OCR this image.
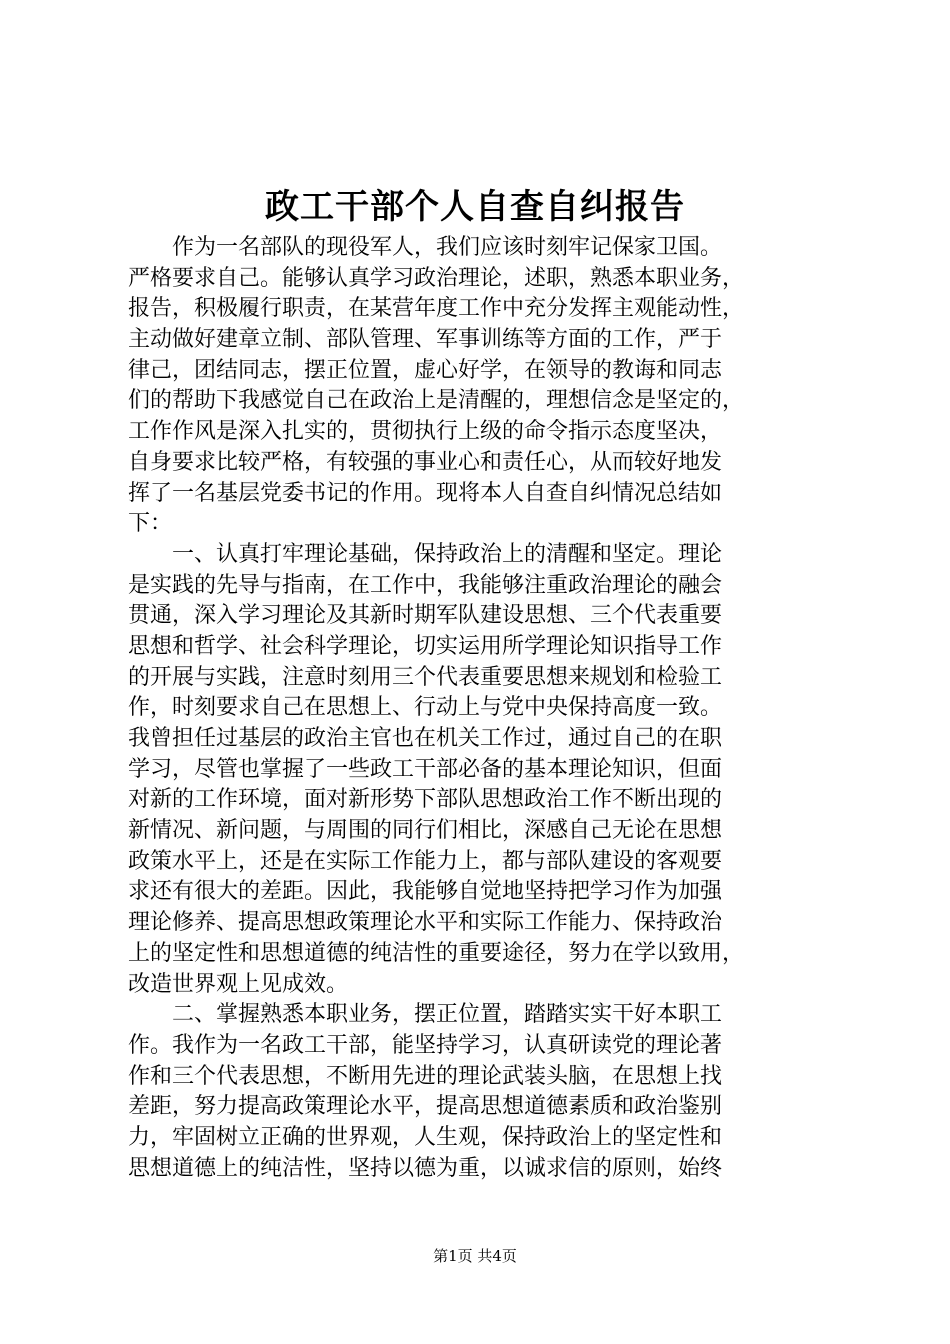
政工干部个人自查自纠报告
　　作为一名部队的现役军人，我们应该时刻牢记保家卫国。
严格要求自己。能够认真学习政治理论，述职，熟悉本职业务，
报告，积极履行职责，在某营年度工作中充分发挥主观能动性，
主动做好建章立制、部队管理、军事训练等方面的工作，严于
律己，团结同志，摆正位置，虚心好学，在领导的教诲和同志
们的帮助下我感觉自己在政治上是清醒的，理想信念是坚定的，
工作作风是深入扎实的，贯彻执行上级的命令指示态度坚决，
自身要求比较严格，有较强的事业心和责任心，从而较好地发
挥了一名基层党委书记的作用。现将本人自查自纠情况总结如
下：
　　一、认真打牢理论基础，保持政治上的清醒和坚定。理论
是实践的先导与指南，在工作中，我能够注重政治理论的融会
贯通，深入学习理论及其新时期军队建设思想、三个代表重要
思想和哲学、社会科学理论，切实运用所学理论知识指导工作
的开展与实践，注意时刻用三个代表重要思想来规划和检验工
作，时刻要求自己在思想上、行动上与党中央保持高度一致。
我曾担任过基层的政治主官也在机关工作过，通过自己的在职
学习，尽管也掌握了一些政工干部必备的基本理论知识，但面
对新的工作环境，面对新形势下部队思想政治工作不断出现的
新情况、新问题，与周围的同行们相比，深感自己无论在思想
政策水平上，还是在实际工作能力上，都与部队建设的客观要
求还有很大的差距。因此，我能够自觉地坚持把学习作为加强
理论修养、提高思想政策理论水平和实际工作能力、保持政治
上的坚定性和思想道德的纯洁性的重要途径，努力在学以致用，
改造世界观上见成效。
　　二、掌握熟悉本职业务，摆正位置，踏踏实实干好本职工
作。我作为一名政工干部，能坚持学习，认真研读党的理论著
作和三个代表思想，不断用先进的理论武装头脑，在思想上找
差距，努力提高政策理论水平，提高思想道德素质和政治鉴别
力，牢固树立正确的世界观，人生观，保持政治上的坚定性和
思想道德上的纯洁性，坚持以德为重，以诚求信的原则，始终
第1页 共4页
